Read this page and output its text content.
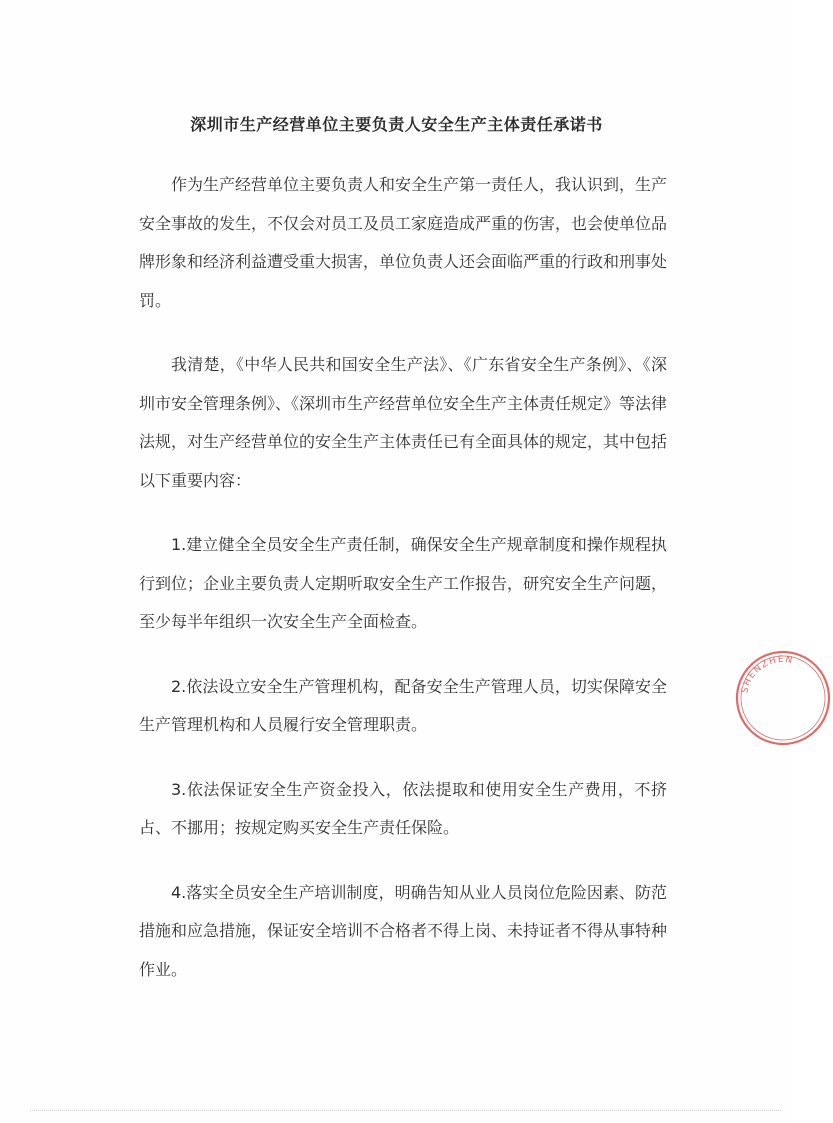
深圳市生产经营单位主要负责人安全生产主体责任承诺书

作为生产经营单位主要负责人和安全生产第一责任人，我认识到，生产安全事故的发生，不仅会对员工及员工家庭造成严重的伤害，也会使单位品牌形象和经济利益遭受重大损害，单位负责人还会面临严重的行政和刑事处罚。

我清楚，《中华人民共和国安全生产法》、《广东省安全生产条例》、《深圳市安全管理条例》、《深圳市生产经营单位安全生产主体责任规定》等法律法规，对生产经营单位的安全生产主体责任已有全面具体的规定，其中包括以下重要内容：

1.建立健全全员安全生产责任制，确保安全生产规章制度和操作规程执行到位；企业主要负责人定期听取安全生产工作报告，研究安全生产问题，至少每半年组织一次安全生产全面检查。

2.依法设立安全生产管理机构，配备安全生产管理人员，切实保障安全生产管理机构和人员履行安全管理职责。

3.依法保证安全生产资金投入，依法提取和使用安全生产费用，不挤占、不挪用；按规定购买安全生产责任保险。

4.落实全员安全生产培训制度，明确告知从业人员岗位危险因素、防范措施和应急措施，保证安全培训不合格者不得上岗、未持证者不得从事特种作业。

SHENZHEN
